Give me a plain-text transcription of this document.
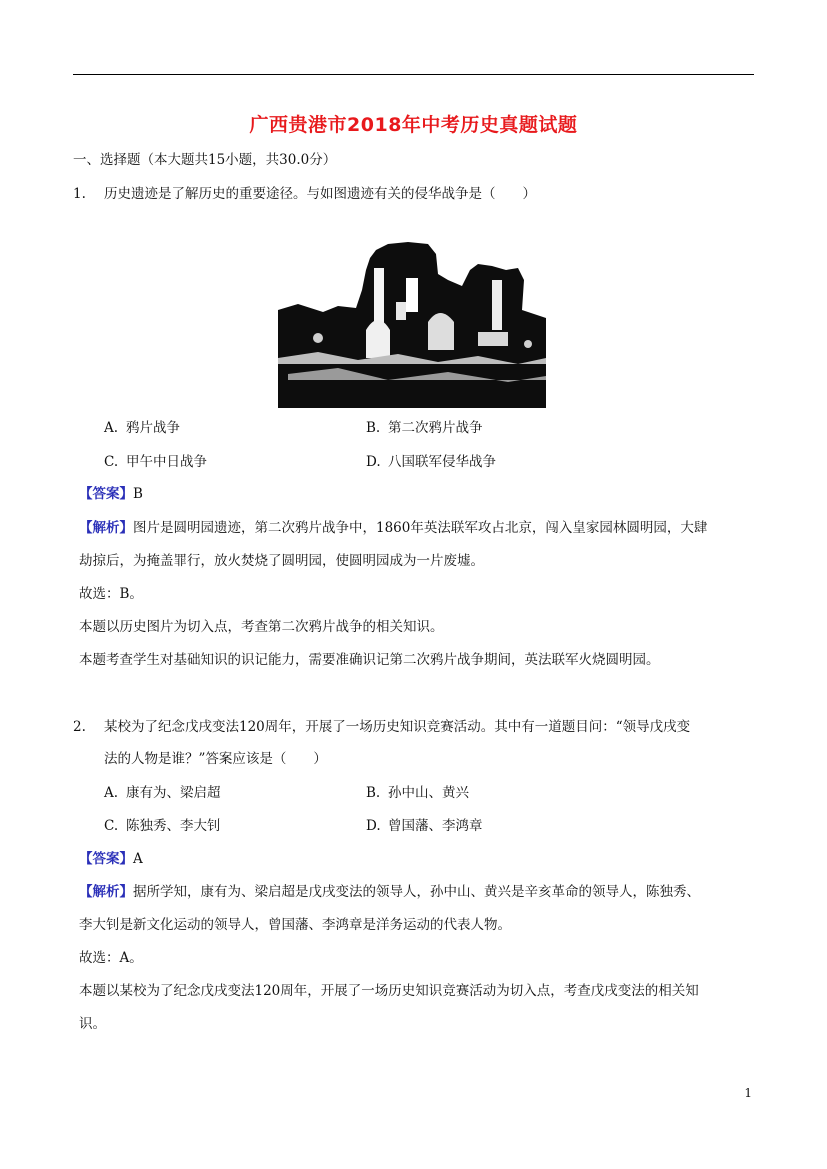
广西贵港市2018年中考历史真题试题
一、选择题（本大题共15小题，共30.0分）
1. 历史遗迹是了解历史的重要途径。与如图遗迹有关的侵华战争是（　　）
A. 鸦片战争	B. 第二次鸦片战争
C. 甲午中日战争	D. 八国联军侵华战争
【答案】B
【解析】图片是圆明园遗迹，第二次鸦片战争中，1860年英法联军攻占北京，闯入皇家园林圆明园，大肆
劫掠后，为掩盖罪行，放火焚烧了圆明园，使圆明园成为一片废墟。
故选：B。
本题以历史图片为切入点，考查第二次鸦片战争的相关知识。
本题考查学生对基础知识的识记能力，需要准确识记第二次鸦片战争期间，英法联军火烧圆明园。
2. 某校为了纪念戊戌变法120周年，开展了一场历史知识竞赛活动。其中有一道题目问：“领导戊戌变
法的人物是谁？”答案应该是（　　）
A. 康有为、梁启超	B. 孙中山、黄兴
C. 陈独秀、李大钊	D. 曾国藩、李鸿章
【答案】A
【解析】据所学知，康有为、梁启超是戊戌变法的领导人，孙中山、黄兴是辛亥革命的领导人，陈独秀、
李大钊是新文化运动的领导人，曾国藩、李鸿章是洋务运动的代表人物。
故选：A。
本题以某校为了纪念戊戌变法120周年，开展了一场历史知识竞赛活动为切入点，考查戊戌变法的相关知
识。
1
